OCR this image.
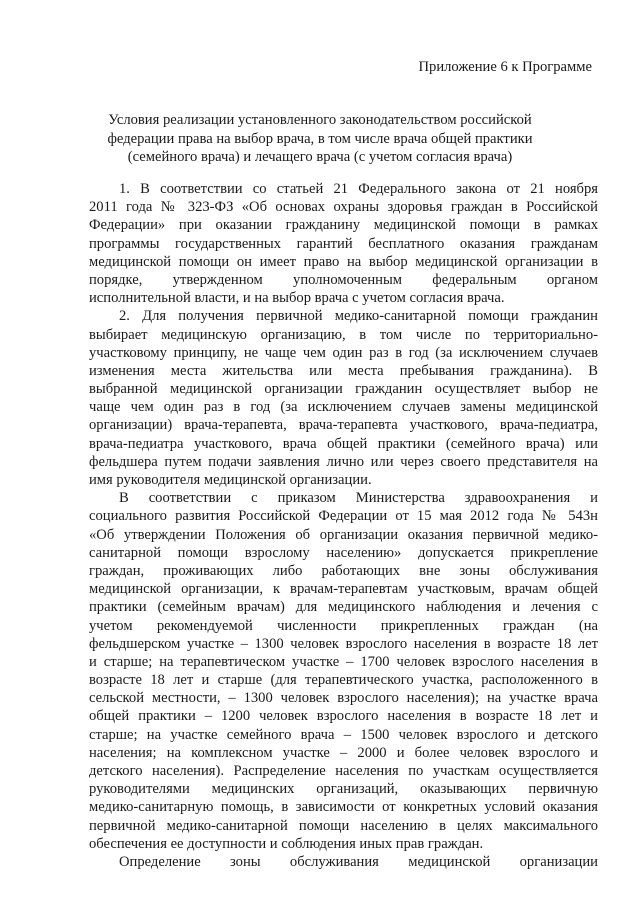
Приложение 6 к Программе
Условия реализации установленного законодательством российской
федерации права на выбор врача, в том числе врача общей практики
(семейного врача) и лечащего врача (с учетом согласия врача)
1. В соответствии со статьей 21 Федерального закона от 21 ноября
2011 года № 323-ФЗ «Об основах охраны здоровья граждан в Российской
Федерации» при оказании гражданину медицинской помощи в рамках
программы государственных гарантий бесплатного оказания гражданам
медицинской помощи он имеет право на выбор медицинской организации в
порядке, утвержденном уполномоченным федеральным органом
исполнительной власти, и на выбор врача с учетом согласия врача.
2. Для получения первичной медико-санитарной помощи гражданин
выбирает медицинскую организацию, в том числе по территориально-
участковому принципу, не чаще чем один раз в год (за исключением случаев
изменения места жительства или места пребывания гражданина). В
выбранной медицинской организации гражданин осуществляет выбор не
чаще чем один раз в год (за исключением случаев замены медицинской
организации) врача-терапевта, врача-терапевта участкового, врача-педиатра,
врача-педиатра участкового, врача общей практики (семейного врача) или
фельдшера путем подачи заявления лично или через своего представителя на
имя руководителя медицинской организации.
В соответствии с приказом Министерства здравоохранения и
социального развития Российской Федерации от 15 мая 2012 года № 543н
«Об утверждении Положения об организации оказания первичной медико-
санитарной помощи взрослому населению» допускается прикрепление
граждан, проживающих либо работающих вне зоны обслуживания
медицинской организации, к врачам-терапевтам участковым, врачам общей
практики (семейным врачам) для медицинского наблюдения и лечения с
учетом рекомендуемой численности прикрепленных граждан (на
фельдшерском участке – 1300 человек взрослого населения в возрасте 18 лет
и старше; на терапевтическом участке – 1700 человек взрослого населения в
возрасте 18 лет и старше (для терапевтического участка, расположенного в
сельской местности, – 1300 человек взрослого населения); на участке врача
общей практики – 1200 человек взрослого населения в возрасте 18 лет и
старше; на участке семейного врача – 1500 человек взрослого и детского
населения; на комплексном участке – 2000 и более человек взрослого и
детского населения). Распределение населения по участкам осуществляется
руководителями медицинских организаций, оказывающих первичную
медико-санитарную помощь, в зависимости от конкретных условий оказания
первичной медико-санитарной помощи населению в целях максимального
обеспечения ее доступности и соблюдения иных прав граждан.
Определение зоны обслуживания медицинской организации
